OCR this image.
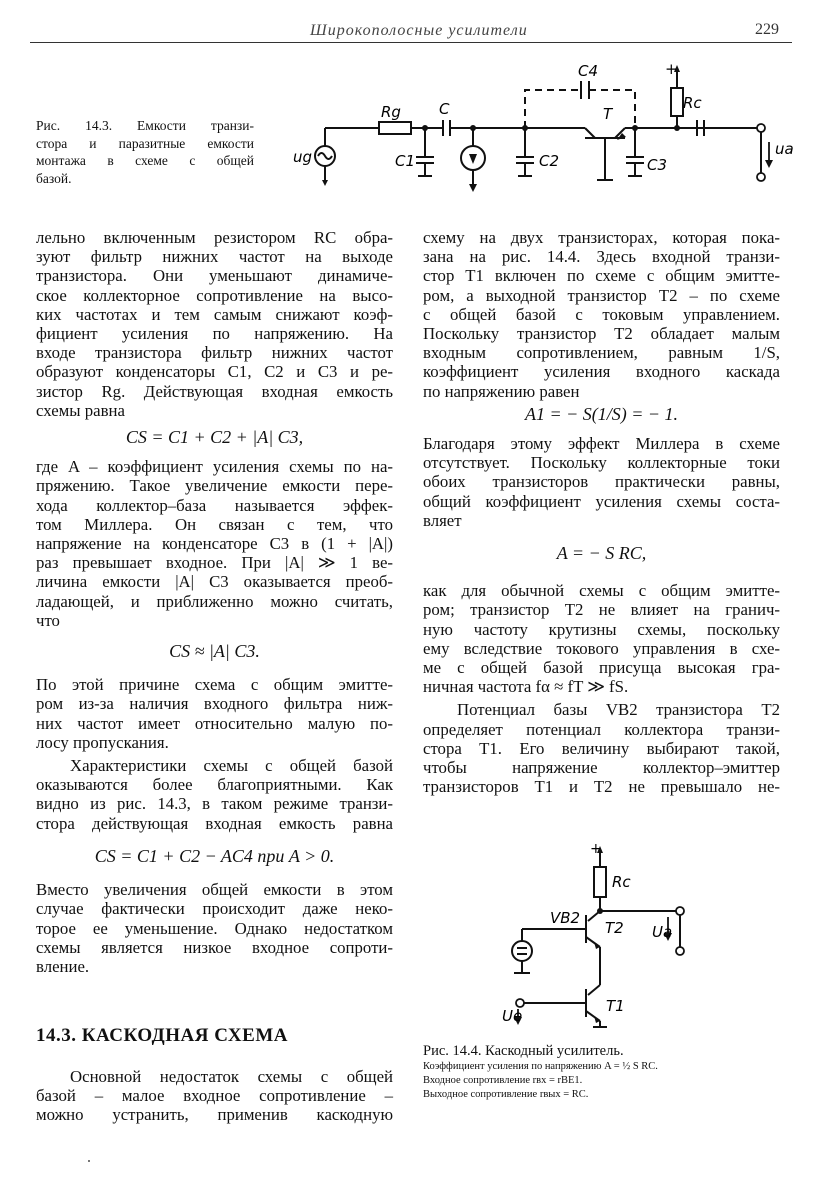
Широкополосные усилители	229
Рис. 14.3. Емкости транзи-
стора и паразитные емкости
монтажа в схеме с общей
базой.
Rg	C
C4
Rc
+
T
ug	C1	C2	C3
ua
лельно включенным резистором RC обра-
зуют фильтр нижних частот на выходе
транзистора. Они уменьшают динамиче-
ское коллекторное сопротивление на высо-
ких частотах и тем самым снижают коэф-
фициент усиления по напряжению. На
входе транзистора фильтр нижних частот
образуют конденсаторы C1, C2 и C3 и ре-
зистор Rg. Действующая входная емкость
схемы равна
CS = C1 + C2 + |A| C3,
где A – коэффициент усиления схемы по на-
пряжению. Такое увеличение емкости пере-
хода коллектор–база называется эффек-
том Миллера. Он связан с тем, что
напряжение на конденсаторе C3 в (1 + |A|)
раз превышает входное. При |A| ≫ 1 ве-
личина емкости |A| C3 оказывается преоб-
ладающей, и приближенно можно считать,
что
CS ≈ |A| C3.
По этой причине схема с общим эмитте-
ром из-за наличия входного фильтра ниж-
них частот имеет относительно малую по-
лосу пропускания.
Характеристики схемы с общей базой
оказываются более благоприятными. Как
видно из рис. 14.3, в таком режиме транзи-
стора действующая входная емкость равна
CS = C1 + C2 − AC4 при A > 0.
Вместо увеличения общей емкости в этом
случае фактически происходит даже неко-
торое ее уменьшение. Однако недостатком
схемы является низкое входное сопроти-
вление.
14.3. КАСКОДНАЯ СХЕМА
Основной недостаток схемы с общей
базой – малое входное сопротивление –
можно устранить, применив каскодную
схему на двух транзисторах, которая пока-
зана на рис. 14.4. Здесь входной транзи-
стор T1 включен по схеме с общим эмитте-
ром, а выходной транзистор T2 – по схеме
с общей базой с токовым управлением.
Поскольку транзистор T2 обладает малым
входным сопротивлением, равным 1/S,
коэффициент усиления входного каскада
по напряжению равен
A1 = − S(1/S) = − 1.
Благодаря этому эффект Миллера в схеме
отсутствует. Поскольку коллекторные токи
обоих транзисторов практически равны,
общий коэффициент усиления схемы соста-
вляет
A = − S RC,
как для обычной схемы с общим эмитте-
ром; транзистор T2 не влияет на гранич-
ную частоту крутизны схемы, поскольку
ему вследствие токового управления в схе-
ме с общей базой присуща высокая гра-
ничная частота fα ≈ fT ≫ fS.
Потенциал базы VB2 транзистора T2
определяет потенциал коллектора транзи-
стора T1. Его величину выбирают такой,
чтобы напряжение коллектор–эмиттер
транзисторов T1 и T2 не превышало не-
+
Rc
VB2
T2 Ua
T1
Ue
Рис. 14.4. Каскодный усилитель.
Коэффициент усиления по напряжению A = ½ S RC.
Входное сопротивление rвх = rBE1.
Выходное сопротивление rвых = RC.
